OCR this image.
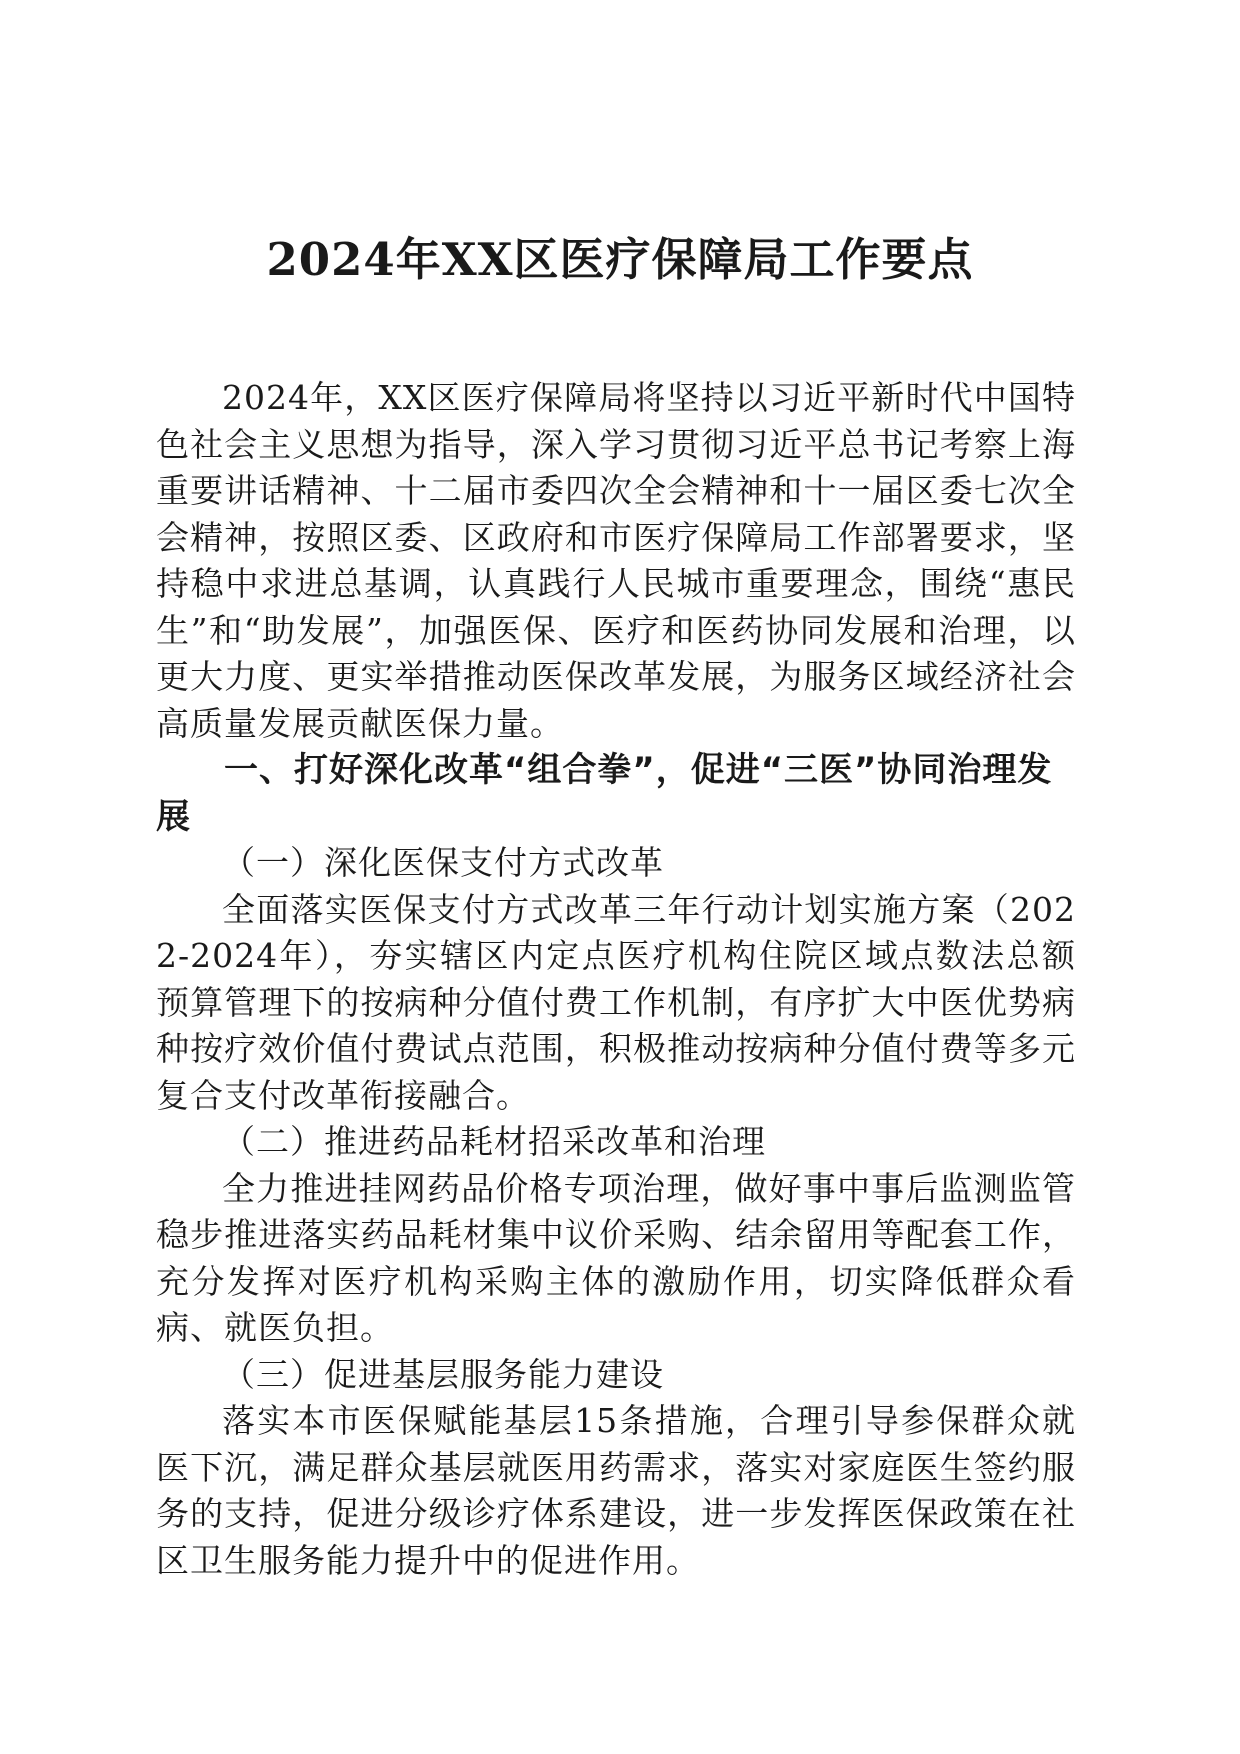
2024年XX区医疗保障局工作要点

2024年，XX区医疗保障局将坚持以习近平新时代中国特色社会主义思想为指导，深入学习贯彻习近平总书记考察上海重要讲话精神、十二届市委四次全会精神和十一届区委七次全会精神，按照区委、区政府和市医疗保障局工作部署要求，坚持稳中求进总基调，认真践行人民城市重要理念，围绕“惠民生”和“助发展”，加强医保、医疗和医药协同发展和治理，以更大力度、更实举措推动医保改革发展，为服务区域经济社会高质量发展贡献医保力量。

一、打好深化改革“组合拳”，促进“三医”协同治理发展

（一）深化医保支付方式改革

全面落实医保支付方式改革三年行动计划实施方案（2022-2024年），夯实辖区内定点医疗机构住院区域点数法总额预算管理下的按病种分值付费工作机制，有序扩大中医优势病种按疗效价值付费试点范围，积极推动按病种分值付费等多元复合支付改革衔接融合。

（二）推进药品耗材招采改革和治理

全力推进挂网药品价格专项治理，做好事中事后监测监管稳步推进落实药品耗材集中议价采购、结余留用等配套工作，充分发挥对医疗机构采购主体的激励作用，切实降低群众看病、就医负担。

（三）促进基层服务能力建设

落实本市医保赋能基层15条措施，合理引导参保群众就医下沉，满足群众基层就医用药需求，落实对家庭医生签约服务的支持，促进分级诊疗体系建设，进一步发挥医保政策在社区卫生服务能力提升中的促进作用。
